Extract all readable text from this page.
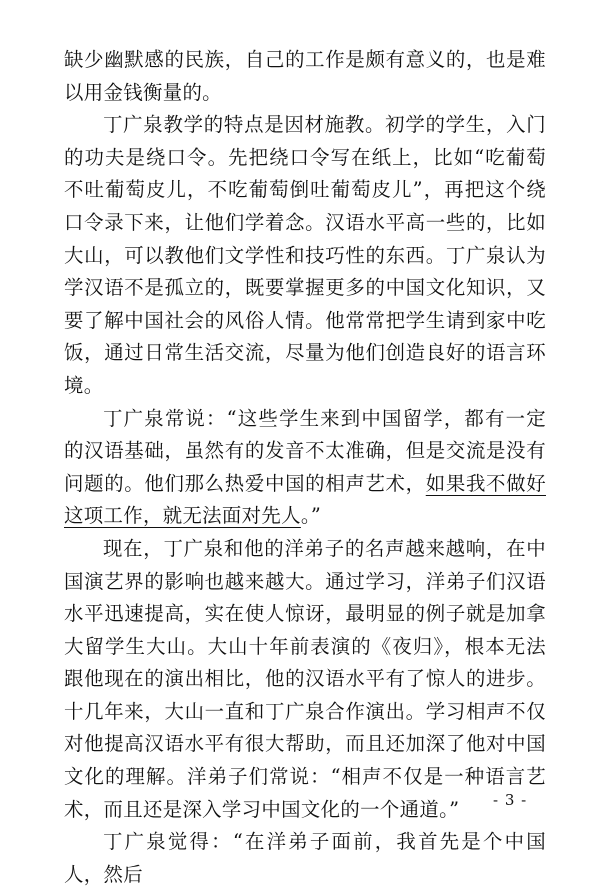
缺少幽默感的民族，自己的工作是颇有意义的，也是难以用金钱衡量的。

丁广泉教学的特点是因材施教。初学的学生，入门的功夫是绕口令。先把绕口令写在纸上，比如“吃葡萄不吐葡萄皮儿，不吃葡萄倒吐葡萄皮儿”，再把这个绕口令录下来，让他们学着念。汉语水平高一些的，比如大山，可以教他们文学性和技巧性的东西。丁广泉认为学汉语不是孤立的，既要掌握更多的中国文化知识，又要了解中国社会的风俗人情。他常常把学生请到家中吃饭，通过日常生活交流，尽量为他们创造良好的语言环境。

丁广泉常说：“这些学生来到中国留学，都有一定的汉语基础，虽然有的发音不太准确，但是交流是没有问题的。他们那么热爱中国的相声艺术，如果我不做好这项工作，就无法面对先人。”

现在，丁广泉和他的洋弟子的名声越来越响，在中国演艺界的影响也越来越大。通过学习，洋弟子们汉语水平迅速提高，实在使人惊讶，最明显的例子就是加拿大留学生大山。大山十年前表演的《夜归》，根本无法跟他现在的演出相比，他的汉语水平有了惊人的进步。十几年来，大山一直和丁广泉合作演出。学习相声不仅对他提高汉语水平有很大帮助，而且还加深了他对中国文化的理解。洋弟子们常说：“相声不仅是一种语言艺术，而且还是深入学习中国文化的一个通道。”

丁广泉觉得：“在洋弟子面前，我首先是个中国人，然后

- 3 -
